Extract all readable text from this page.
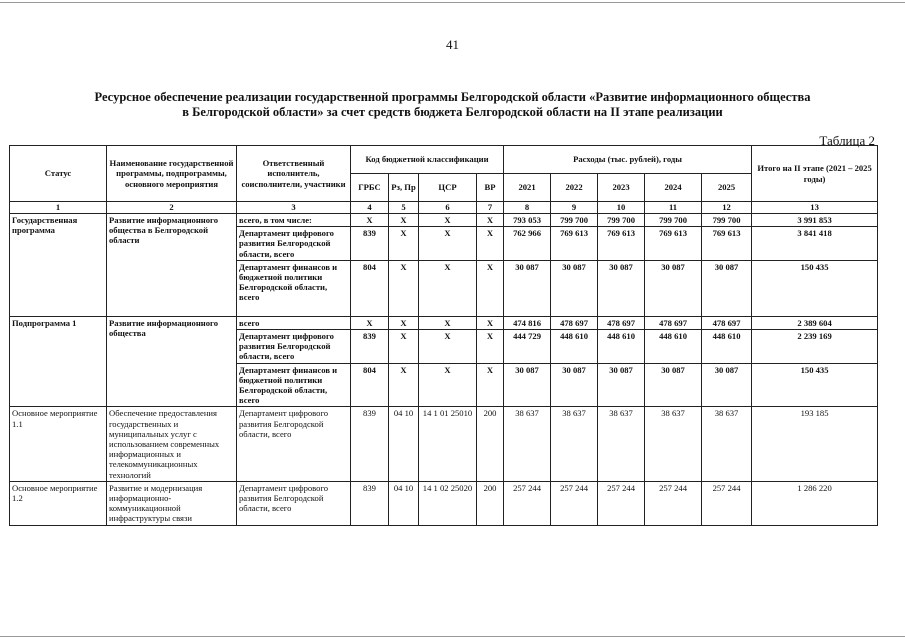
41
Ресурсное обеспечение реализации государственной программы Белгородской области «Развитие информационного общества
в Белгородской области» за счет средств бюджета Белгородской области на II этапе реализации
Таблица 2
Статус	Наименование государственной программы, подпрограммы, основного мероприятия	Ответственный исполнитель, соисполнители, участники	Код бюджетной классификации				Расходы (тыс. рублей), годы					Итого на II этапе (2021 – 2025 годы)
			ГРБС	Рз, Пр	ЦСР	ВР	2021	2022	2023	2024	2025	
1	2	3	4	5	6	7	8	9	10	11	12	13
Государственная программа	Развитие информационного общества в Белгородской области	всего, в том числе:	Х	Х	Х	Х	793 053	799 700	799 700	799 700	799 700	3 991 853
		Департамент цифрового развития Белгородской области, всего	839	Х	Х	Х	762 966	769 613	769 613	769 613	769 613	3 841 418
		Департамент финансов и бюджетной политики Белгородской области, всего	804	Х	Х	Х	30 087	30 087	30 087	30 087	30 087	150 435
Подпрограмма 1	Развитие информационного общества	всего	Х	Х	Х	Х	474 816	478 697	478 697	478 697	478 697	2 389 604
		Департамент цифрового развития Белгородской области, всего	839	Х	Х	Х	444 729	448 610	448 610	448 610	448 610	2 239 169
		Департамент финансов и бюджетной политики Белгородской области, всего	804	Х	Х	Х	30 087	30 087	30 087	30 087	30 087	150 435
Основное мероприятие 1.1	Обеспечение предоставления государственных и муниципальных услуг с использованием современных информационных и телекоммуникационных технологий	Департамент цифрового развития Белгородской области, всего	839	04 10	14 1 01 25010	200	38 637	38 637	38 637	38 637	38 637	193 185
Основное мероприятие 1.2	Развитие и модернизация информационно-коммуникационной инфраструктуры связи	Департамент цифрового развития Белгородской области, всего	839	04 10	14 1 02 25020	200	257 244	257 244	257 244	257 244	257 244	1 286 220
